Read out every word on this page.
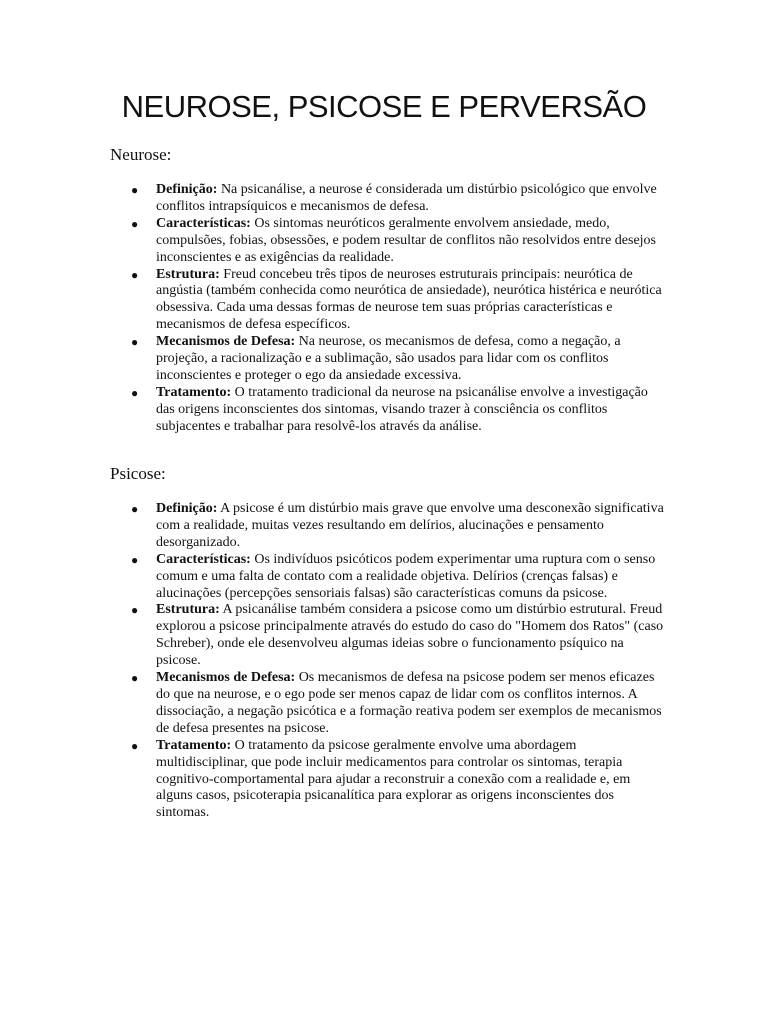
NEUROSE, PSICOSE E PERVERSÃO
Neurose:
● Definição: Na psicanálise, a neurose é considerada um distúrbio psicológico que envolve conflitos intrapsíquicos e mecanismos de defesa.
● Características: Os sintomas neuróticos geralmente envolvem ansiedade, medo, compulsões, fobias, obsessões, e podem resultar de conflitos não resolvidos entre desejos inconscientes e as exigências da realidade.
● Estrutura: Freud concebeu três tipos de neuroses estruturais principais: neurótica de angústia (também conhecida como neurótica de ansiedade), neurótica histérica e neurótica obsessiva. Cada uma dessas formas de neurose tem suas próprias características e mecanismos de defesa específicos.
● Mecanismos de Defesa: Na neurose, os mecanismos de defesa, como a negação, a projeção, a racionalização e a sublimação, são usados para lidar com os conflitos inconscientes e proteger o ego da ansiedade excessiva.
● Tratamento: O tratamento tradicional da neurose na psicanálise envolve a investigação das origens inconscientes dos sintomas, visando trazer à consciência os conflitos subjacentes e trabalhar para resolvê-los através da análise.
Psicose:
● Definição: A psicose é um distúrbio mais grave que envolve uma desconexão significativa com a realidade, muitas vezes resultando em delírios, alucinações e pensamento desorganizado.
● Características: Os indivíduos psicóticos podem experimentar uma ruptura com o senso comum e uma falta de contato com a realidade objetiva. Delírios (crenças falsas) e alucinações (percepções sensoriais falsas) são características comuns da psicose.
● Estrutura: A psicanálise também considera a psicose como um distúrbio estrutural. Freud explorou a psicose principalmente através do estudo do caso do "Homem dos Ratos" (caso Schreber), onde ele desenvolveu algumas ideias sobre o funcionamento psíquico na psicose.
● Mecanismos de Defesa: Os mecanismos de defesa na psicose podem ser menos eficazes do que na neurose, e o ego pode ser menos capaz de lidar com os conflitos internos. A dissociação, a negação psicótica e a formação reativa podem ser exemplos de mecanismos de defesa presentes na psicose.
● Tratamento: O tratamento da psicose geralmente envolve uma abordagem multidisciplinar, que pode incluir medicamentos para controlar os sintomas, terapia cognitivo-comportamental para ajudar a reconstruir a conexão com a realidade e, em alguns casos, psicoterapia psicanalítica para explorar as origens inconscientes dos sintomas.
